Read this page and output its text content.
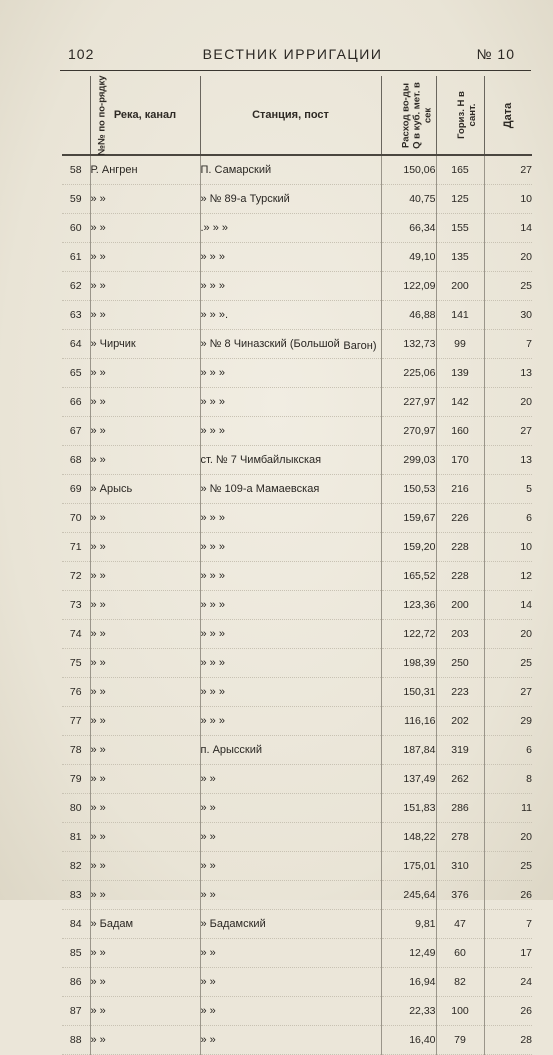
102	ВЕСТНИК ИРРИГАЦИИ	№ 10
№№ по по-рядку	Река, канал	Станция, пост	Расход во-ды Q в куб. мет. в сек	Гориз. Н в сант.	Дата
58	Р. Ангрен	П. Самарский	150,06	165	27
59	» »	» № 89-а Турский	40,75	125	10
60	» »	.» » »	66,34	155	14
61	» »	» » »	49,10	135	20
62	» »	» » »	122,09	200	25
63	» »	» » ».	46,88	141	30
64	» Чирчик	» № 8 Чиназский (Большой Вагон)	132,73	99	7
65	» »	» » »	225,06	139	13
66	» »	» » »	227,97	142	20
67	» »	» » »	270,97	160	27
68	» »	ст. № 7 Чимбайлыкская	299,03	170	13
69	» Арысь	» № 109-а Мамаевская	150,53	216	5
70	» »	» » »	159,67	226	6
71	» »	» » »	159,20	228	10
72	» »	» » »	165,52	228	12
73	» »	» » »	123,36	200	14
74	» »	» » »	122,72	203	20
75	» »	» » »	198,39	250	25
76	» »	» » »	150,31	223	27
77	» »	» » »	116,16	202	29
78	» »	п. Арысский	187,84	319	6
79	» »	» »	137,49	262	8
80	» »	» »	151,83	286	11
81	» »	» »	148,22	278	20
82	» »	» »	175,01	310	25
83	» »	» »	245,64	376	26
84	» Бадам	» Бадамский	9,81	47	7
85	» »	» »	12,49	60	17
86	» »	» »	16,94	82	24
87	» »	» »	22,33	100	26
88	» »	» »	16,40	79	28
